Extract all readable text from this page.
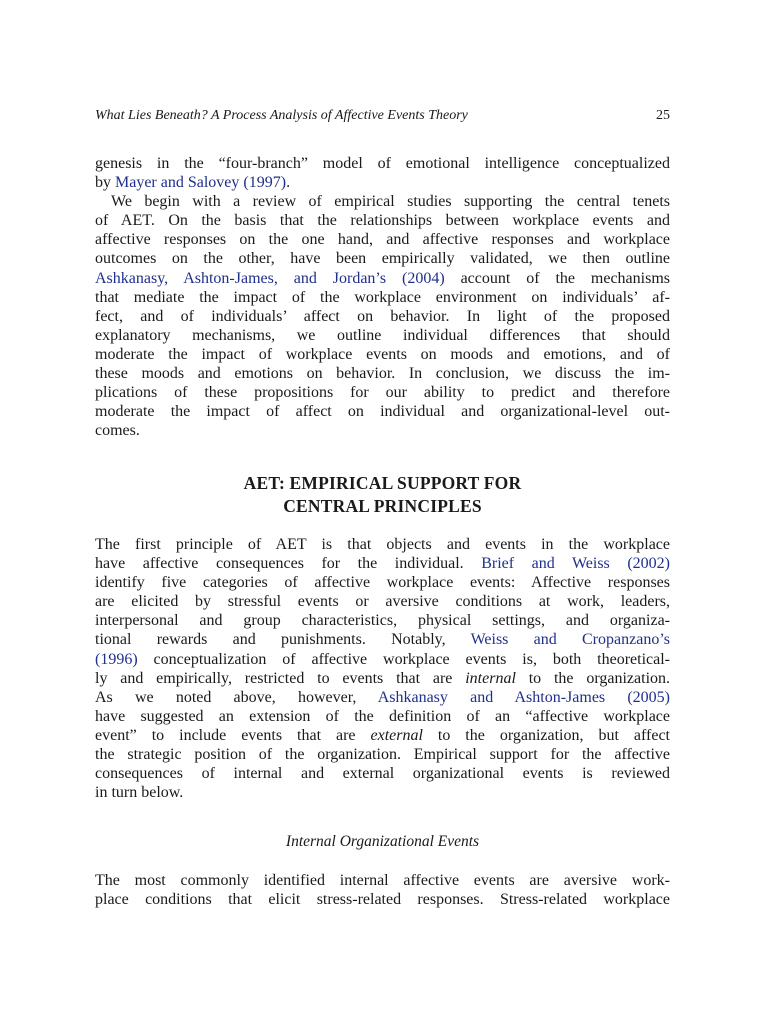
What Lies Beneath? A Process Analysis of Affective Events Theory	25
genesis in the “four-branch” model of emotional intelligence conceptualized
by Mayer and Salovey (1997).
We begin with a review of empirical studies supporting the central tenets
of AET. On the basis that the relationships between workplace events and
affective responses on the one hand, and affective responses and workplace
outcomes on the other, have been empirically validated, we then outline
Ashkanasy, Ashton-James, and Jordan’s (2004) account of the mechanisms
that mediate the impact of the workplace environment on individuals’ af-
fect, and of individuals’ affect on behavior. In light of the proposed
explanatory mechanisms, we outline individual differences that should
moderate the impact of workplace events on moods and emotions, and of
these moods and emotions on behavior. In conclusion, we discuss the im-
plications of these propositions for our ability to predict and therefore
moderate the impact of affect on individual and organizational-level out-
comes.
AET: EMPIRICAL SUPPORT FOR
CENTRAL PRINCIPLES
The first principle of AET is that objects and events in the workplace
have affective consequences for the individual. Brief and Weiss (2002)
identify five categories of affective workplace events: Affective responses
are elicited by stressful events or aversive conditions at work, leaders,
interpersonal and group characteristics, physical settings, and organiza-
tional rewards and punishments. Notably, Weiss and Cropanzano’s
(1996) conceptualization of affective workplace events is, both theoretical-
ly and empirically, restricted to events that are internal to the organization.
As we noted above, however, Ashkanasy and Ashton-James (2005)
have suggested an extension of the definition of an “affective workplace
event” to include events that are external to the organization, but affect
the strategic position of the organization. Empirical support for the affective
consequences of internal and external organizational events is reviewed
in turn below.
Internal Organizational Events
The most commonly identified internal affective events are aversive work-
place conditions that elicit stress-related responses. Stress-related workplace
